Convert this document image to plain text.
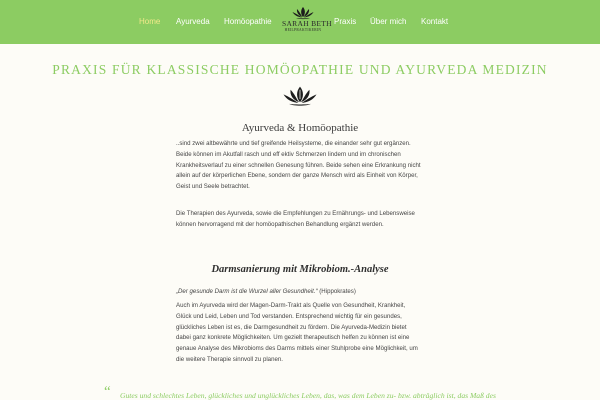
Home Ayurveda Homöopathie SARAH BETH
HEILPRAKTIKERIN
Praxis Über mich Kontakt
PRAXIS FÜR KLASSISCHE HOMÖOPATHIE UND AYURVEDA MEDIZIN
Ayurveda & Homöopathie

..sind zwei altbewährte und tief greifende Heilsysteme, die einander sehr gut ergänzen. Beide können im Akutfall rasch und eff ektiv Schmerzen lindern und im chronischen Krankheitsverlauf zu einer schnellen Genesung führen. Beide sehen eine Erkrankung nicht allein auf der körperlichen Ebene, sondern der ganze Mensch wird als Einheit von Körper, Geist und Seele betrachtet.

Die Therapien des Ayurveda, sowie die Empfehlungen zu Ernährungs- und Lebensweise können hervorragend mit der homöopathischen Behandlung ergänzt werden.

Darmsanierung mit Mikrobiom.-Analyse
„Der gesunde Darm ist die Wurzel aller Gesundheit.“ (Hippokrates)

Auch im Ayurveda wird der Magen-Darm-Trakt als Quelle von Gesundheit, Krankheit, Glück und Leid, Leben und Tod verstanden. Entsprechend wichtig für ein gesundes, glückliches Leben ist es, die Darmgesundheit zu fördern. Die Ayurveda-Medizin bietet dabei ganz konkrete Möglichkeiten. Um gezielt therapeutisch helfen zu können ist eine genaue Analyse des Mikrobioms des Darms mittels einer Stuhlprobe eine Möglichkeit, um die weitere Therapie sinnvoll zu planen.

“ Gutes und schlechtes Leben, glückliches und unglückliches Leben, das, was dem Leben zu- bzw. abträglich ist, das Maß des
